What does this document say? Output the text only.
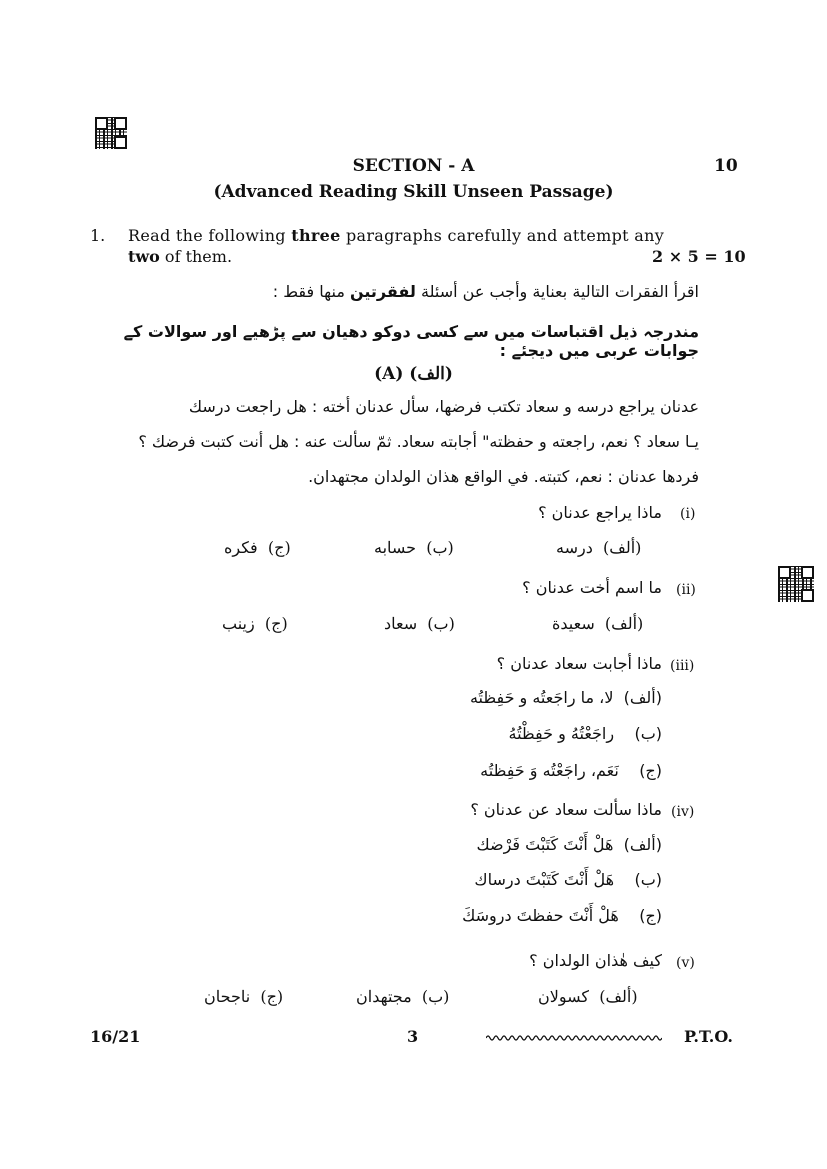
SECTION - A	10
(Advanced Reading Skill Unseen Passage)
1. Read the following three paragraphs carefully and attempt any
two of them.	2 × 5 = 10
اقرأ الفقرات التالية بعناية وأجب عن أسئلة لفقرتين منها فقط :
مندرجہ ذیل اقتباسات میں سے کسی دوکو دھیان سے پڑھیے اور سوالات کے جوابات عربی میں دیجئے :
(A) (الف)
عدنان يراجع درسه و سعاد تكتب فرضها، سأل عدنان أخته : هل راجعت درسك
يـا سعاد ؟ نعم، راجعته و حفظته" أجابته سعاد. ثمّ سألت عنه : هل أنت كتبت فرضك ؟
فردها عدنان : نعم، كتبته. في الواقع هذان الولدان مجتهدان.
(i)
ماذا يراجع عدنان ؟
(ألف)  درسه
(ب)  حسابه
(ج)  فكره
(ii)
ما اسم أخت عدنان ؟
(ألف)  سعيدة
(ب)  سعاد
(ج)  زينب
(iii)
ماذا أجابت سعاد عدنان ؟
(ألف)  لا، ما راجَعتُه و حَفِظتُه
(ب)    راجَعْتُهُ و حَفِظْتُهُ
(ج)    نَعَم، راجَعْتُه وَ حَفِظتُه
(iv)
ماذا سألت سعاد عن عدنان ؟
(ألف)  هَلْ أَنْتَ كَتَبْتَ فَرْضك
(ب)    هَلْ أَنْتَ كَتَبْتَ درساك
(ج)    هَلْ أَنْتَ حفظتَ دروسَكَ
(v)
كيف هٰذان الولدان ؟
(ألف)  كسولان
(ب)  مجتهدان
(ج)  ناجحان
16/21	3	P.T.O.
